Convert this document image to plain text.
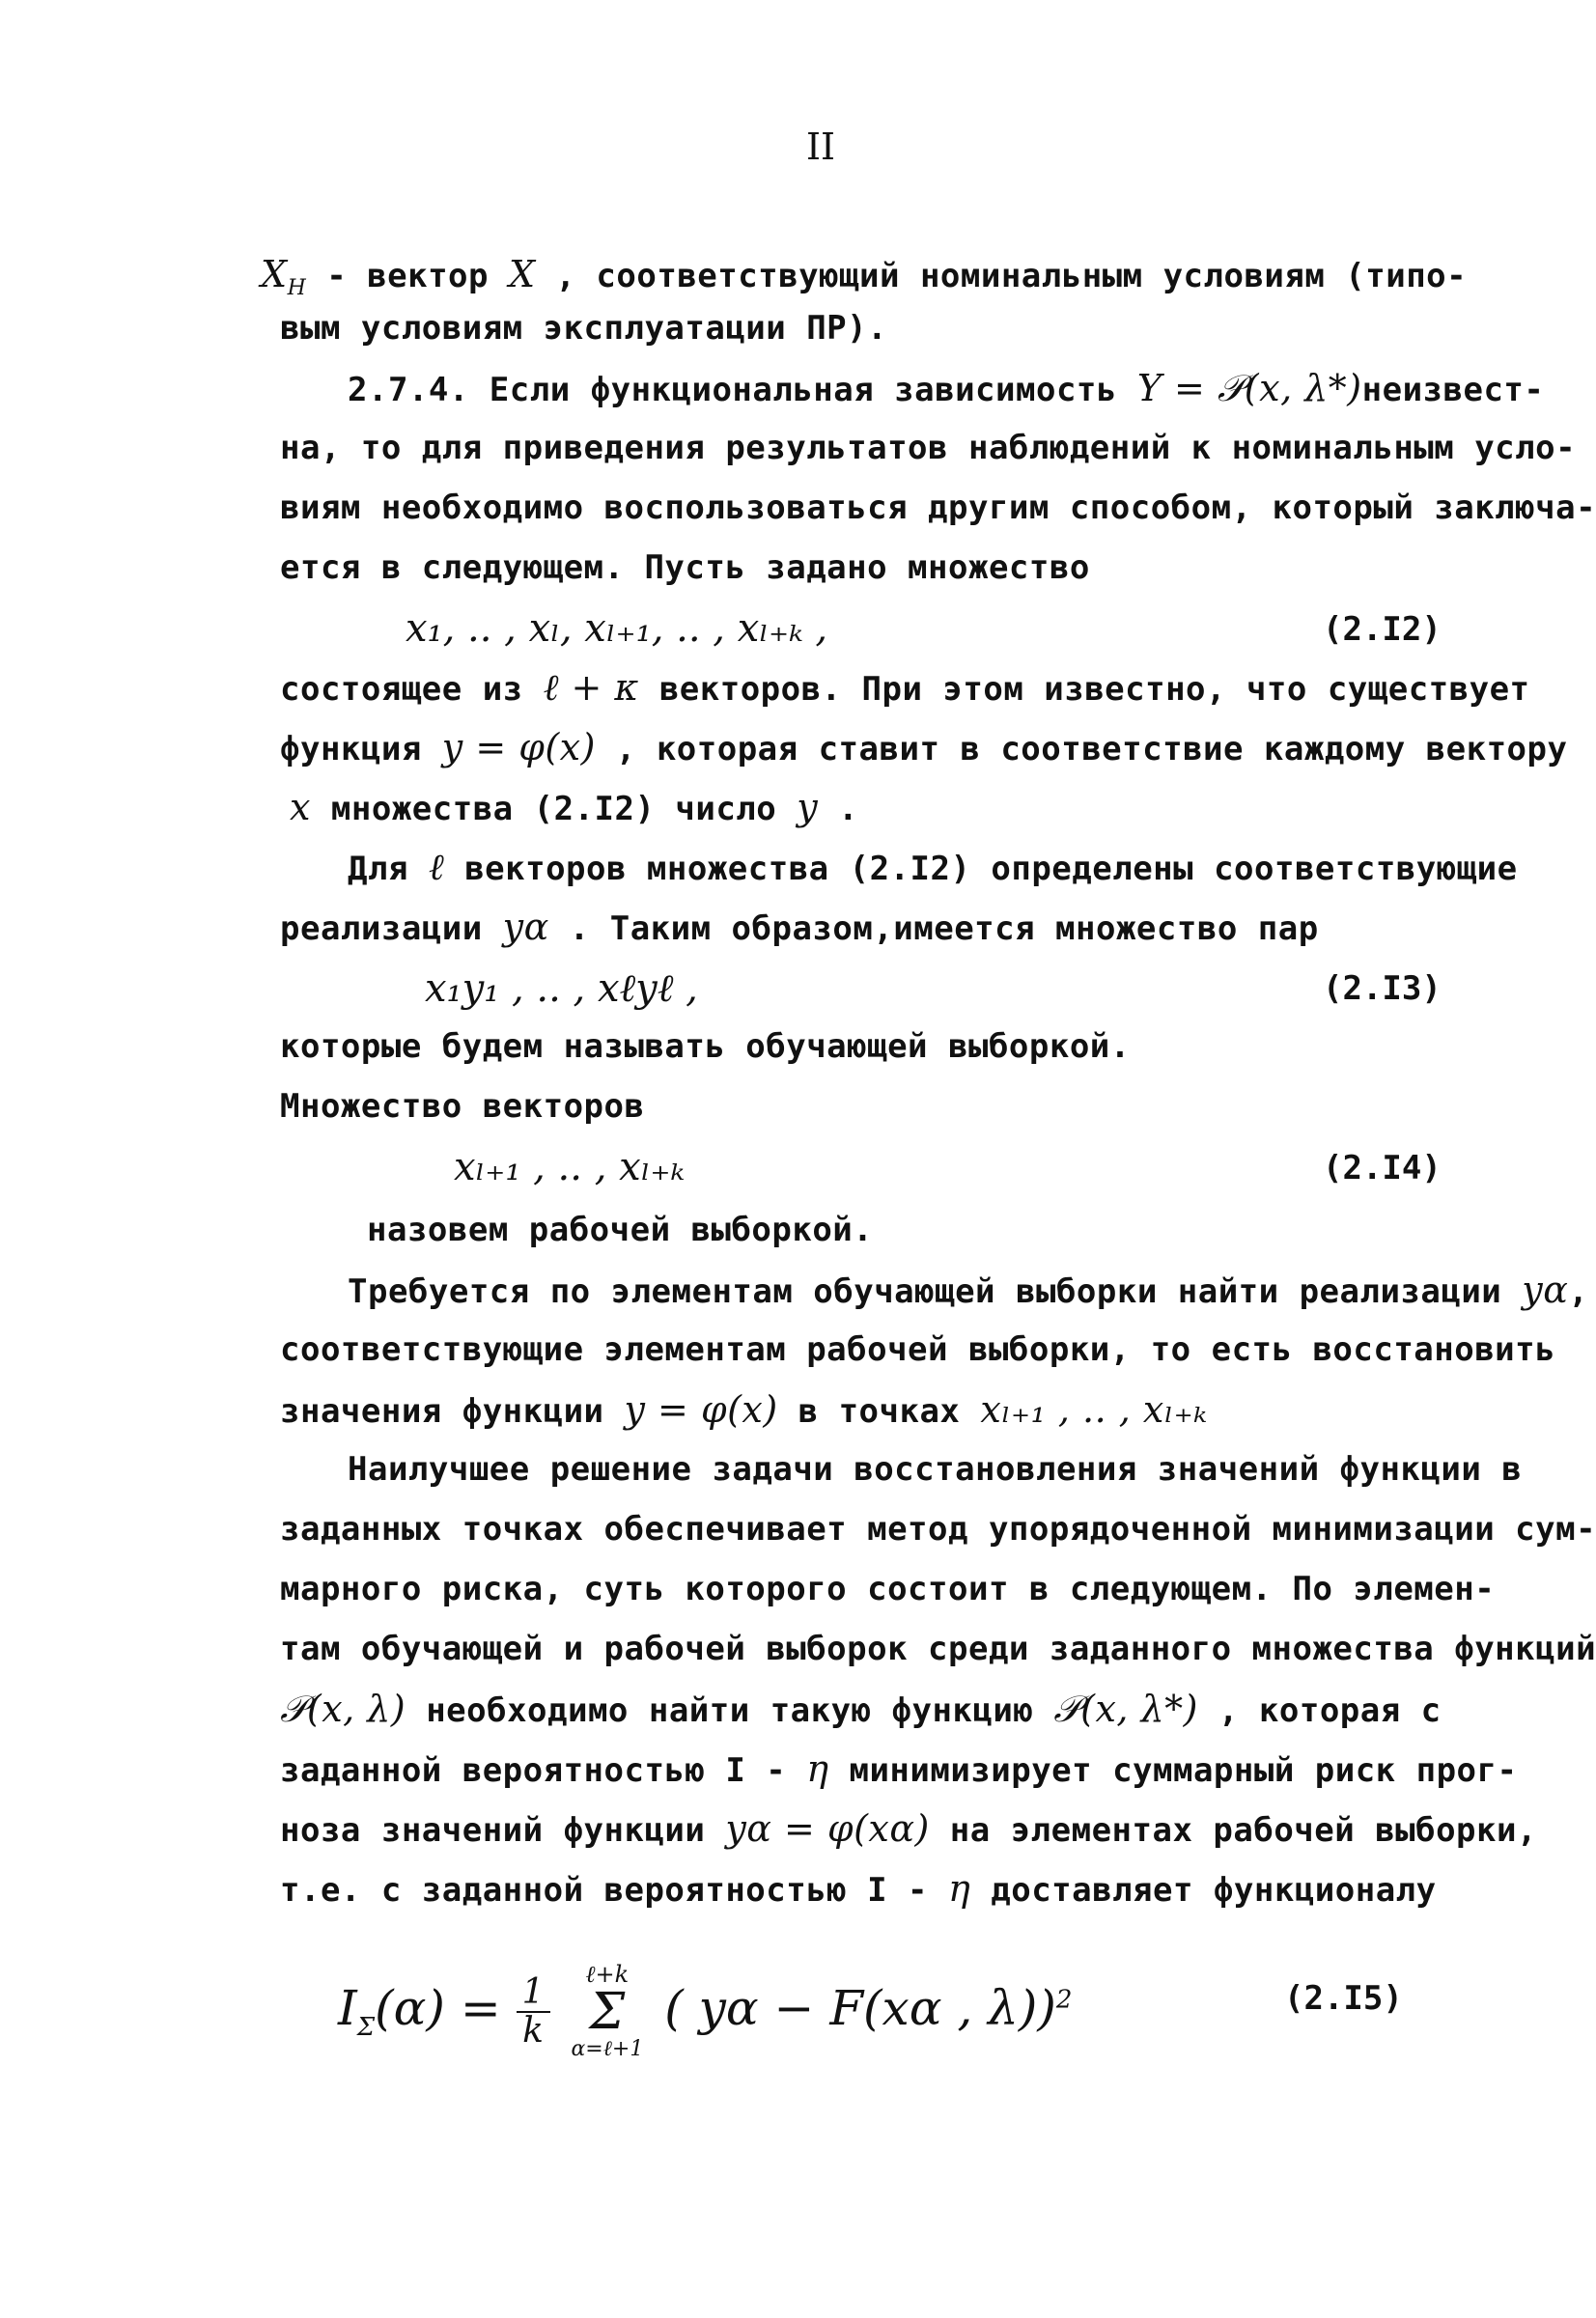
II
$X_H$ - вектор X , соответствующий номинальным условиям (типо-
вым условиям эксплуатации ПР).
2.7.4. Если функциональная зависимость Y = 𝒫(x, λ*)неизвест-
на, то для приведения результатов наблюдений к номинальным усло-
виям необходимо воспользоваться другим способом, который заключа-
ется в следующем. Пусть задано множество
x₁, .. , xₗ, xₗ₊₁, .. , xₗ₊ₖ ,	(2.I2)
состоящее из ℓ + κ векторов. При этом известно, что существует
функция y = φ(x) , которая ставит в соответствие каждому вектору
x множества (2.I2) число y .
Для ℓ векторов множества (2.I2) определены соответствующие
реализации yα . Таким образом,имеется множество пар
x₁y₁ , .. , xℓyℓ ,	(2.I3)
которые будем называть обучающей выборкой.
Множество векторов
xₗ₊₁ , .. , xₗ₊ₖ	(2.I4)
назовем рабочей выборкой.
Требуется по элементам обучающей выборки найти реализации yα,
соответствующие элементам рабочей выборки, то есть восстановить
значения функции y = φ(x) в точках xₗ₊₁ , .. , xₗ₊ₖ
Наилучшее решение задачи восстановления значений функции в
заданных точках обеспечивает метод упорядоченной минимизации сум-
марного риска, суть которого состоит в следующем. По элемен-
там обучающей и рабочей выборок среди заданного множества функций
𝒫(x, λ) необходимо найти такую функцию 𝒫(x, λ*) , которая с
заданной вероятностью I - η минимизирует суммарный риск прог-
ноза значений функции yα = φ(xα) на элементах рабочей выборки,
т.е. с заданной вероятностью I - η доставляет функционалу
$I_\Sigma(\alpha) = \frac{1}{k}$
	ℓ+k
Σ
α=ℓ+1
( yα − F(xα , λ))$^2$	(2.I5)
